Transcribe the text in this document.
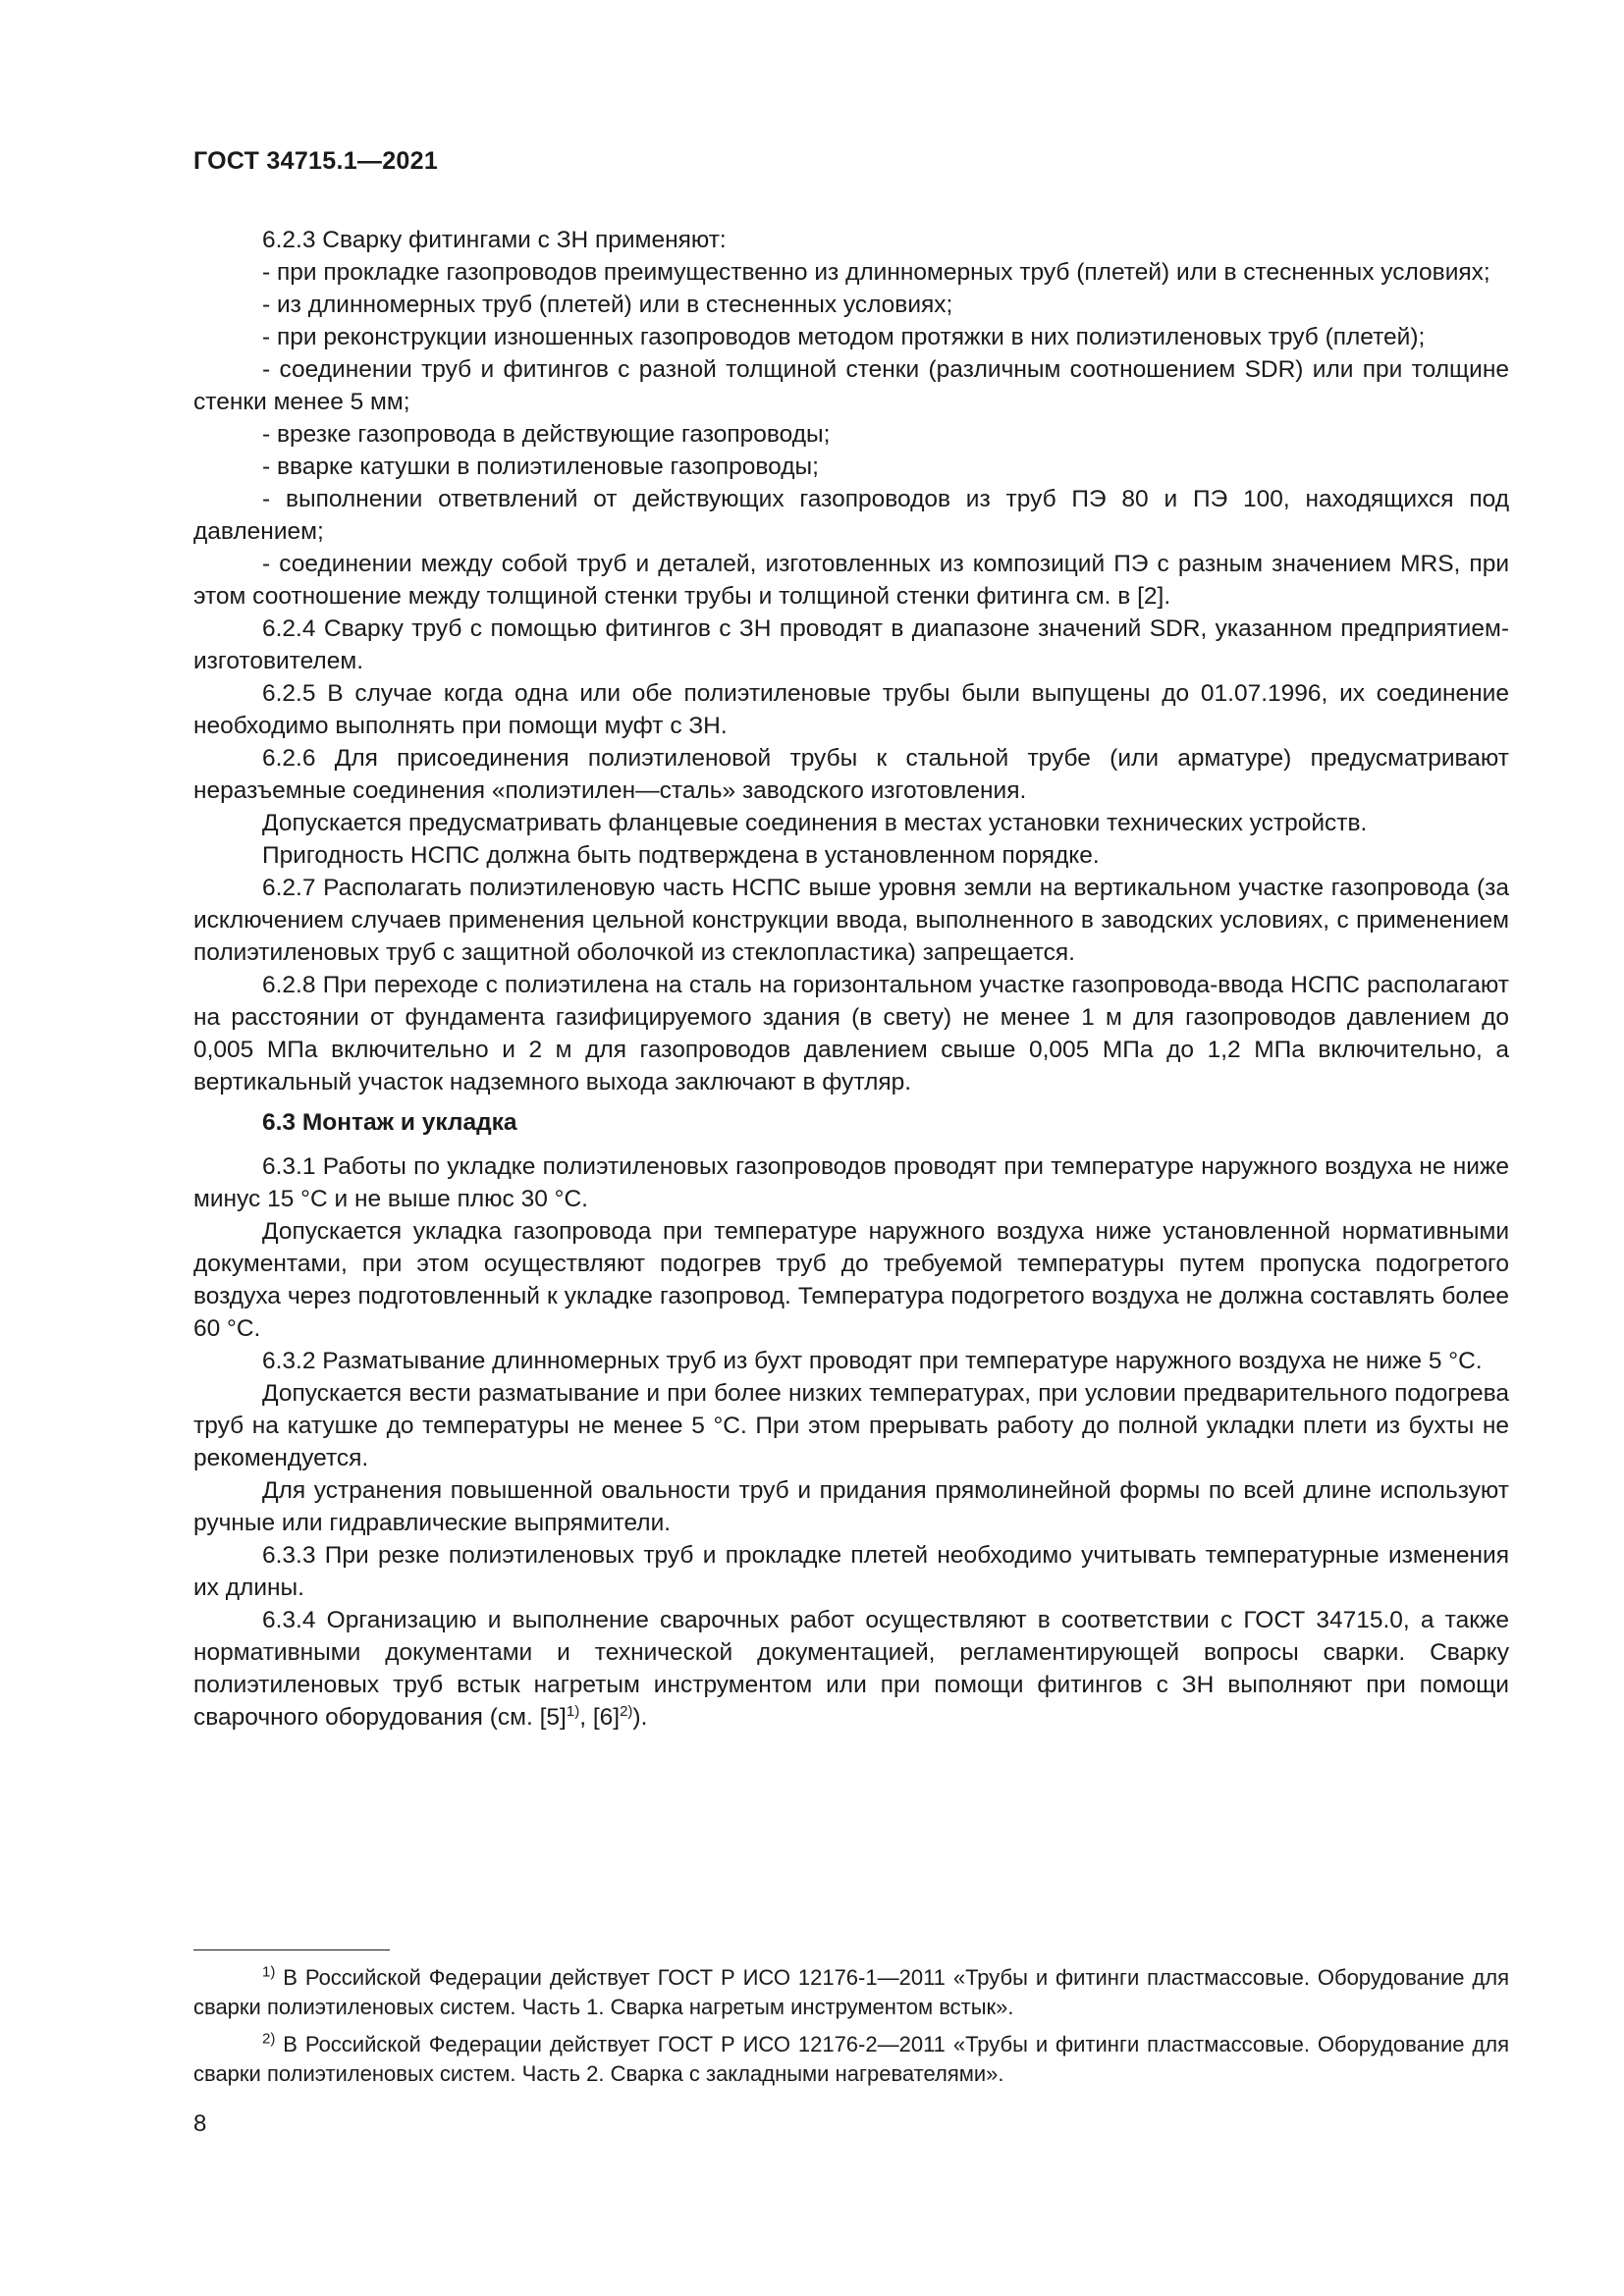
ГОСТ 34715.1—2021

6.2.3 Сварку фитингами с ЗН применяют:

- при прокладке газопроводов преимущественно из длинномерных труб (плетей) или в стесненных условиях;

- из длинномерных труб (плетей) или в стесненных условиях;

- при реконструкции изношенных газопроводов методом протяжки в них полиэтиленовых труб (плетей);

- соединении труб и фитингов с разной толщиной стенки (различным соотношением SDR) или при толщине стенки менее 5 мм;

- врезке газопровода в действующие газопроводы;

- вварке катушки в полиэтиленовые газопроводы;

- выполнении ответвлений от действующих газопроводов из труб ПЭ 80 и ПЭ 100, находящихся под давлением;

- соединении между собой труб и деталей, изготовленных из композиций ПЭ с разным значением MRS, при этом соотношение между толщиной стенки трубы и толщиной стенки фитинга см. в [2].

6.2.4 Сварку труб с помощью фитингов с ЗН проводят в диапазоне значений SDR, указанном предприятием-изготовителем.

6.2.5 В случае когда одна или обе полиэтиленовые трубы были выпущены до 01.07.1996, их соединение необходимо выполнять при помощи муфт с ЗН.

6.2.6 Для присоединения полиэтиленовой трубы к стальной трубе (или арматуре) предусматривают неразъемные соединения «полиэтилен—сталь» заводского изготовления.

Допускается предусматривать фланцевые соединения в местах установки технических устройств.

Пригодность НСПС должна быть подтверждена в установленном порядке.

6.2.7 Располагать полиэтиленовую часть НСПС выше уровня земли на вертикальном участке газопровода (за исключением случаев применения цельной конструкции ввода, выполненного в заводских условиях, с применением полиэтиленовых труб с защитной оболочкой из стеклопластика) запрещается.

6.2.8 При переходе с полиэтилена на сталь на горизонтальном участке газопровода-ввода НСПС располагают на расстоянии от фундамента газифицируемого здания (в свету) не менее 1 м для газопроводов давлением до 0,005 МПа включительно и 2 м для газопроводов давлением свыше 0,005 МПа до 1,2 МПа включительно, а вертикальный участок надземного выхода заключают в футляр.

6.3 Монтаж и укладка

6.3.1 Работы по укладке полиэтиленовых газопроводов проводят при температуре наружного воздуха не ниже минус 15 °С и не выше плюс 30 °С.

Допускается укладка газопровода при температуре наружного воздуха ниже установленной нормативными документами, при этом осуществляют подогрев труб до требуемой температуры путем пропуска подогретого воздуха через подготовленный к укладке газопровод. Температура подогретого воздуха не должна составлять более 60 °С.

6.3.2 Разматывание длинномерных труб из бухт проводят при температуре наружного воздуха не ниже 5 °С.

Допускается вести разматывание и при более низких температурах, при условии предварительного подогрева труб на катушке до температуры не менее 5 °С. При этом прерывать работу до полной укладки плети из бухты не рекомендуется.

Для устранения повышенной овальности труб и придания прямолинейной формы по всей длине используют ручные или гидравлические выпрямители.

6.3.3 При резке полиэтиленовых труб и прокладке плетей необходимо учитывать температурные изменения их длины.

6.3.4 Организацию и выполнение сварочных работ осуществляют в соответствии с ГОСТ 34715.0, а также нормативными документами и технической документацией, регламентирующей вопросы сварки. Сварку полиэтиленовых труб встык нагретым инструментом или при помощи фитингов с ЗН выполняют при помощи сварочного оборудования (см. $[5]^{1)}$, $[6]^{2)}$).

$^{1)}$ В Российской Федерации действует ГОСТ Р ИСО 12176-1—2011 «Трубы и фитинги пластмассовые. Оборудование для сварки полиэтиленовых систем. Часть 1. Сварка нагретым инструментом встык».

$^{2)}$ В Российской Федерации действует ГОСТ Р ИСО 12176-2—2011 «Трубы и фитинги пластмассовые. Оборудование для сварки полиэтиленовых систем. Часть 2. Сварка с закладными нагревателями».

8
